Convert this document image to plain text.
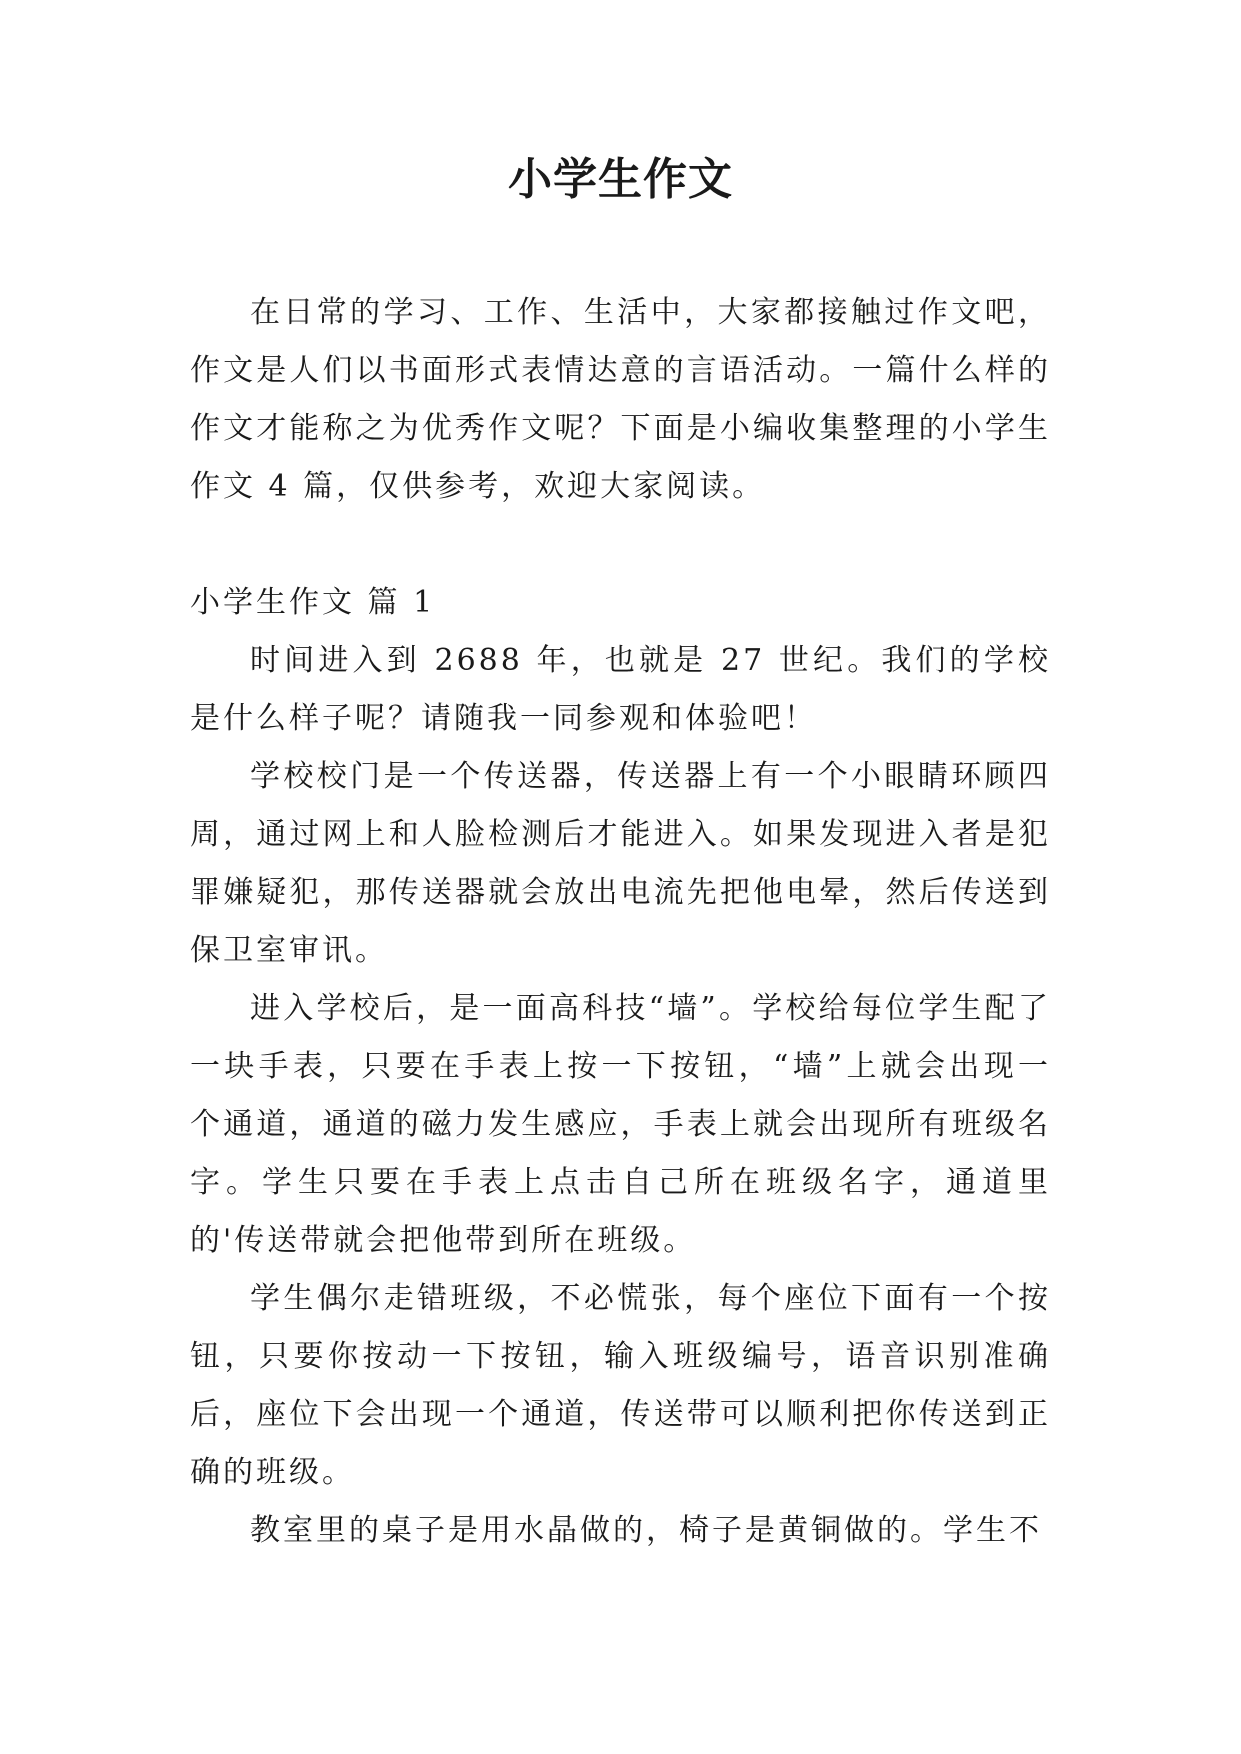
小学生作文

在日常的学习、工作、生活中，大家都接触过作文吧，作文是人们以书面形式表情达意的言语活动。一篇什么样的作文才能称之为优秀作文呢？下面是小编收集整理的小学生作文 4 篇，仅供参考，欢迎大家阅读。

小学生作文 篇 1

时间进入到 2688 年，也就是 27 世纪。我们的学校是什么样子呢？请随我一同参观和体验吧！

学校校门是一个传送器，传送器上有一个小眼睛环顾四周，通过网上和人脸检测后才能进入。如果发现进入者是犯罪嫌疑犯，那传送器就会放出电流先把他电晕，然后传送到保卫室审讯。

进入学校后，是一面高科技“墙”。学校给每位学生配了一块手表，只要在手表上按一下按钮，“墙”上就会出现一个通道，通道的磁力发生感应，手表上就会出现所有班级名字。学生只要在手表上点击自己所在班级名字，通道里的'传送带就会把他带到所在班级。

学生偶尔走错班级，不必慌张，每个座位下面有一个按钮，只要你按动一下按钮，输入班级编号，语音识别准确后，座位下会出现一个通道，传送带可以顺利把你传送到正确的班级。

教室里的桌子是用水晶做的，椅子是黄铜做的。学生不
